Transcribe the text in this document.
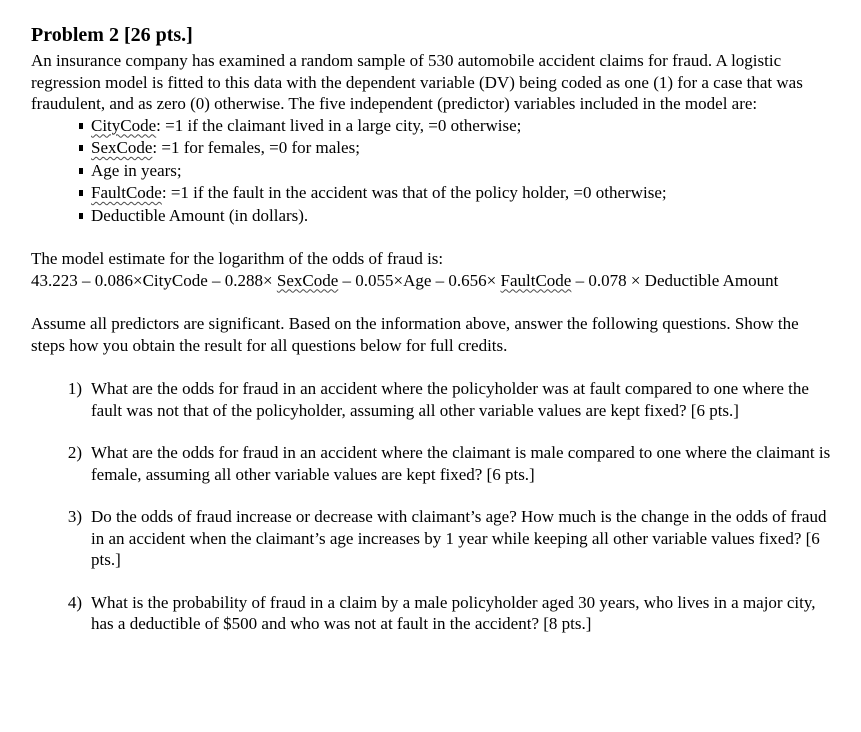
Problem 2 [26 pts.]

An insurance company has examined a random sample of 530 automobile accident claims for fraud. A logistic regression model is fitted to this data with the dependent variable (DV) being coded as one (1) for a case that was fraudulent, and as zero (0) otherwise. The five independent (predictor) variables included in the model are:

CityCode: =1 if the claimant lived in a large city, =0 otherwise;
SexCode: =1 for females, =0 for males;
Age in years;
FaultCode: =1 if the fault in the accident was that of the policy holder, =0 otherwise;
Deductible Amount (in dollars).

The model estimate for the logarithm of the odds of fraud is:

43.223 – 0.086×CityCode – 0.288× SexCode – 0.055×Age – 0.656× FaultCode – 0.078 × Deductible Amount

Assume all predictors are significant. Based on the information above, answer the following questions. Show the steps how you obtain the result for all questions below for full credits.

1) What are the odds for fraud in an accident where the policyholder was at fault compared to one where the fault was not that of the policyholder, assuming all other variable values are kept fixed? [6 pts.]
2) What are the odds for fraud in an accident where the claimant is male compared to one where the claimant is female, assuming all other variable values are kept fixed? [6 pts.]
3) Do the odds of fraud increase or decrease with claimant’s age? How much is the change in the odds of fraud in an accident when the claimant’s age increases by 1 year while keeping all other variable values fixed? [6 pts.]
4) What is the probability of fraud in a claim by a male policyholder aged 30 years, who lives in a major city, has a deductible of $500 and who was not at fault in the accident? [8 pts.]
